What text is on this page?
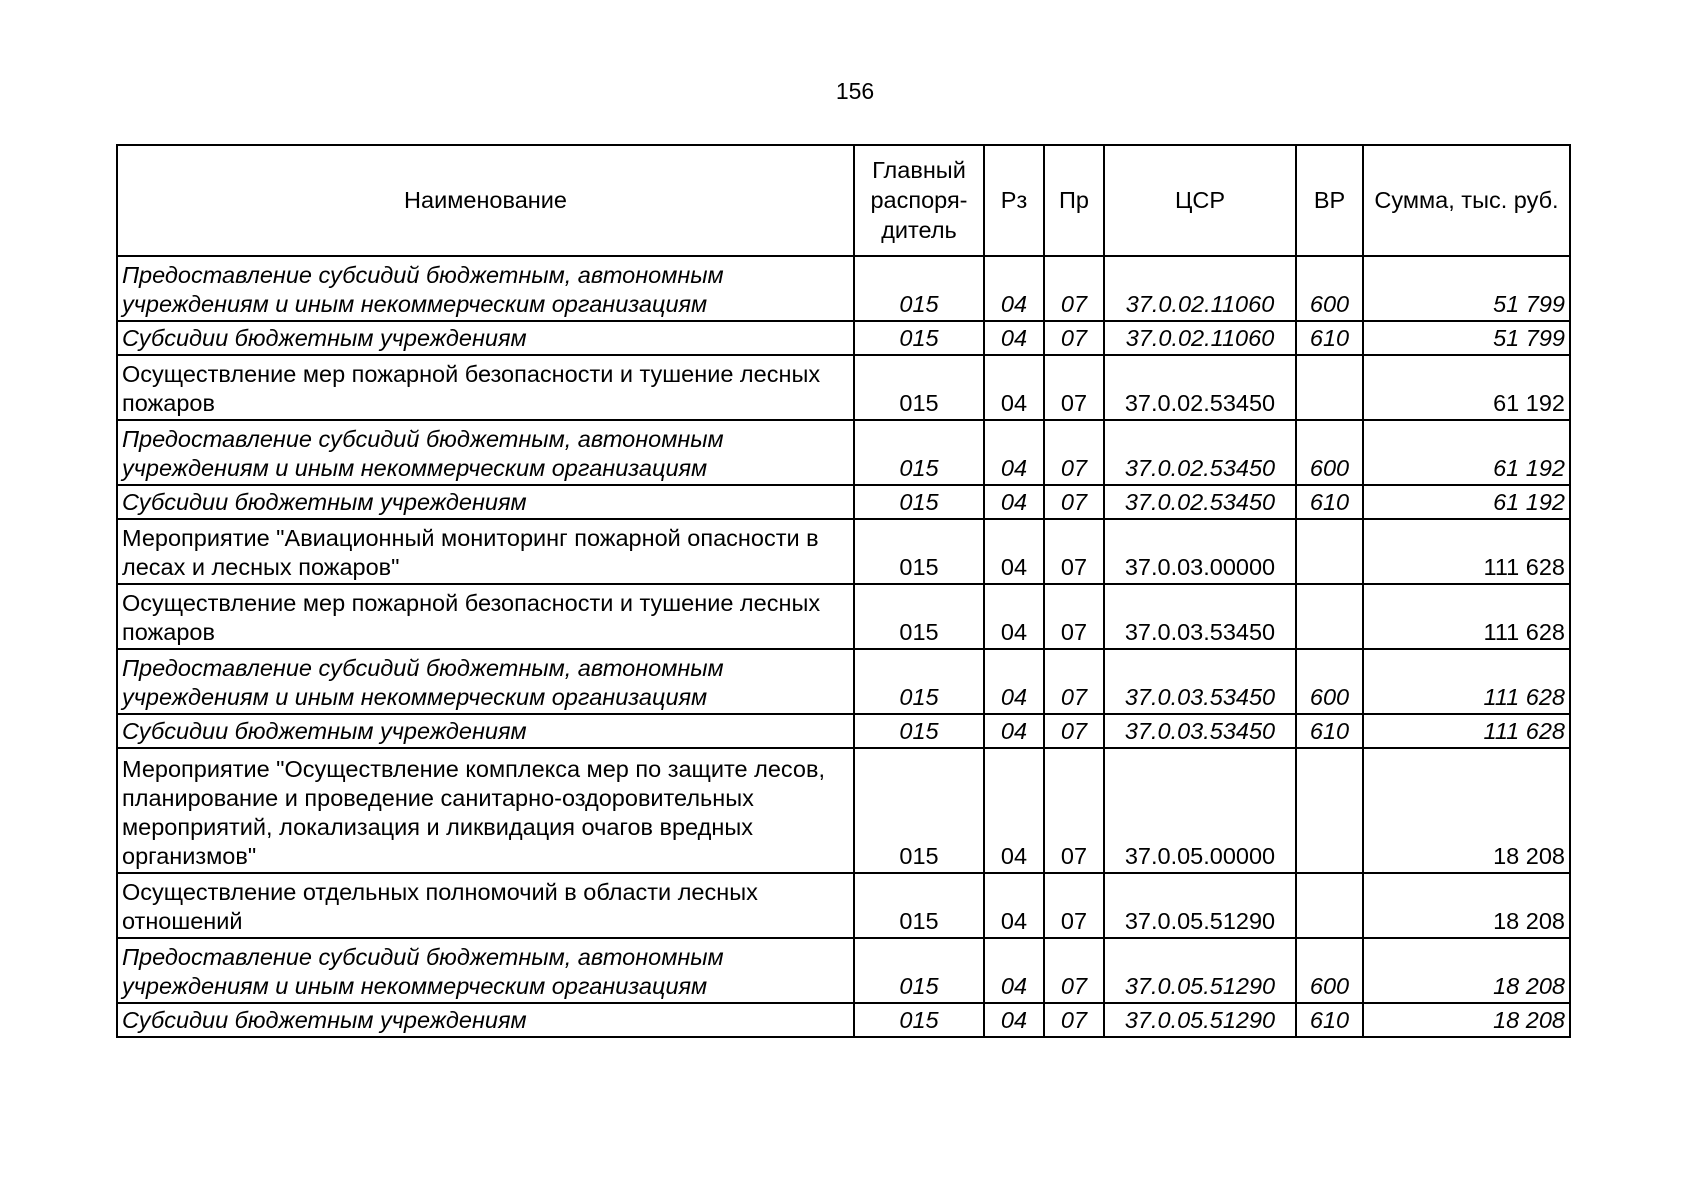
156
Наименование	Главный распоря-дитель	Рз	Пр	ЦСР	ВР	Сумма, тыс. руб.
Предоставление субсидий бюджетным, автономным учреждениям и иным некоммерческим организациям	015	04	07	37.0.02.11060	600	51 799
Субсидии бюджетным учреждениям	015	04	07	37.0.02.11060	610	51 799
Осуществление мер пожарной безопасности и тушение лесных пожаров	015	04	07	37.0.02.53450		61 192
Предоставление субсидий бюджетным, автономным учреждениям и иным некоммерческим организациям	015	04	07	37.0.02.53450	600	61 192
Субсидии бюджетным учреждениям	015	04	07	37.0.02.53450	610	61 192
Мероприятие "Авиационный мониторинг пожарной опасности в лесах и лесных пожаров"	015	04	07	37.0.03.00000		111 628
Осуществление мер пожарной безопасности и тушение лесных пожаров	015	04	07	37.0.03.53450		111 628
Предоставление субсидий бюджетным, автономным учреждениям и иным некоммерческим организациям	015	04	07	37.0.03.53450	600	111 628
Субсидии бюджетным учреждениям	015	04	07	37.0.03.53450	610	111 628
Мероприятие "Осуществление комплекса мер по защите лесов, планирование и проведение санитарно-оздоровительных мероприятий, локализация и ликвидация очагов вредных организмов"	015	04	07	37.0.05.00000		18 208
Осуществление отдельных полномочий в области лесных отношений	015	04	07	37.0.05.51290		18 208
Предоставление субсидий бюджетным, автономным учреждениям и иным некоммерческим организациям	015	04	07	37.0.05.51290	600	18 208
Субсидии бюджетным учреждениям	015	04	07	37.0.05.51290	610	18 208
